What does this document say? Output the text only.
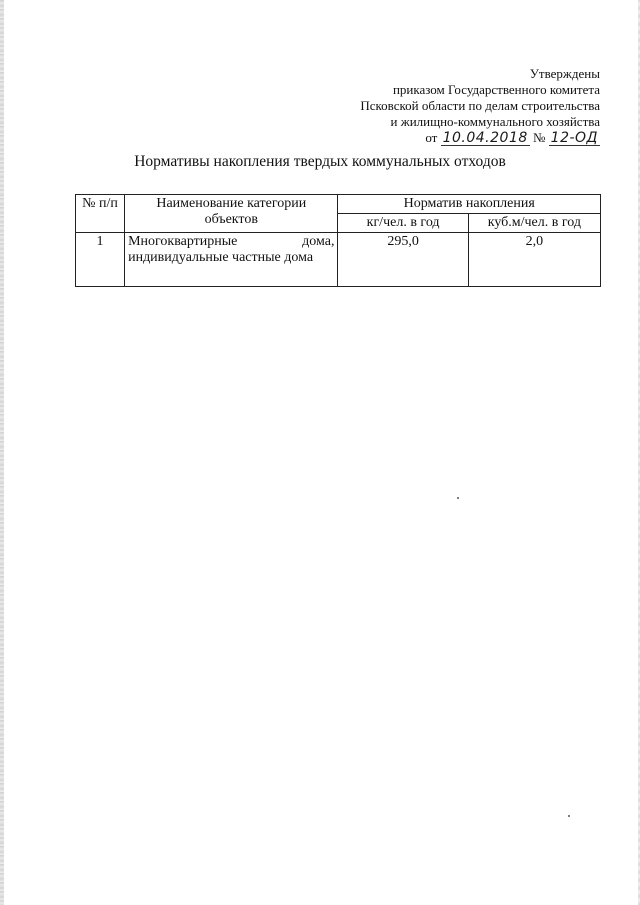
Утверждены
приказом Государственного комитета
Псковской области по делам строительства
и жилищно-коммунального хозяйства
от 10.04.2018 № 12-ОД
Нормативы накопления твердых коммунальных отходов
№ п/п	Наименование категории объектов	Норматив накопления	
		кг/чел. в год	куб.м/чел. в год
1	Многоквартирные дома, индивидуальные частные дома	295,0	2,0
